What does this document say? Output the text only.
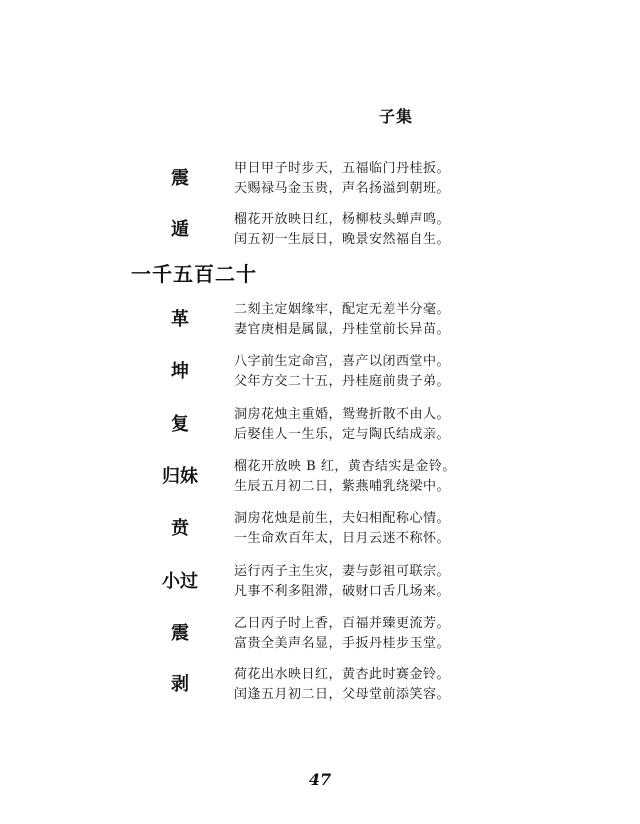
子集
震	甲日甲子时步天，五福临门丹桂扳。
天赐禄马金玉贵，声名扬溢到朝班。
遁	榴花开放映日红，杨柳枝头蝉声鸣。
闰五初一生辰日，晚景安然福自生。
一千五百二十
革	二刻主定姻缘牢，配定无差半分毫。
妻官庚相是属鼠，丹桂堂前长异苗。
坤	八字前生定命宫，喜产以闭西堂中。
父年方交二十五，丹桂庭前贵子弟。
复	洞房花烛主重婚，鸳鸯折散不由人。
后娶佳人一生乐，定与陶氏结成亲。
归妹	榴花开放映 B 红，黄杏结实是金铃。
生辰五月初二日，紫燕哺乳绕梁中。
贲	洞房花烛是前生，夫妇相配称心情。
一生命欢百年太，日月云迷不称怀。
小过	运行丙子主生灾，妻与彭祖可联宗。
凡事不利多阻滞，破财口舌几场来。
震	乙日丙子时上香，百福并臻更流芳。
富贵全美声名显，手扳丹桂步玉堂。
剥	荷花出水映日红，黄杏此时赛金铃。
闰逢五月初二日，父母堂前添笑容。
47
